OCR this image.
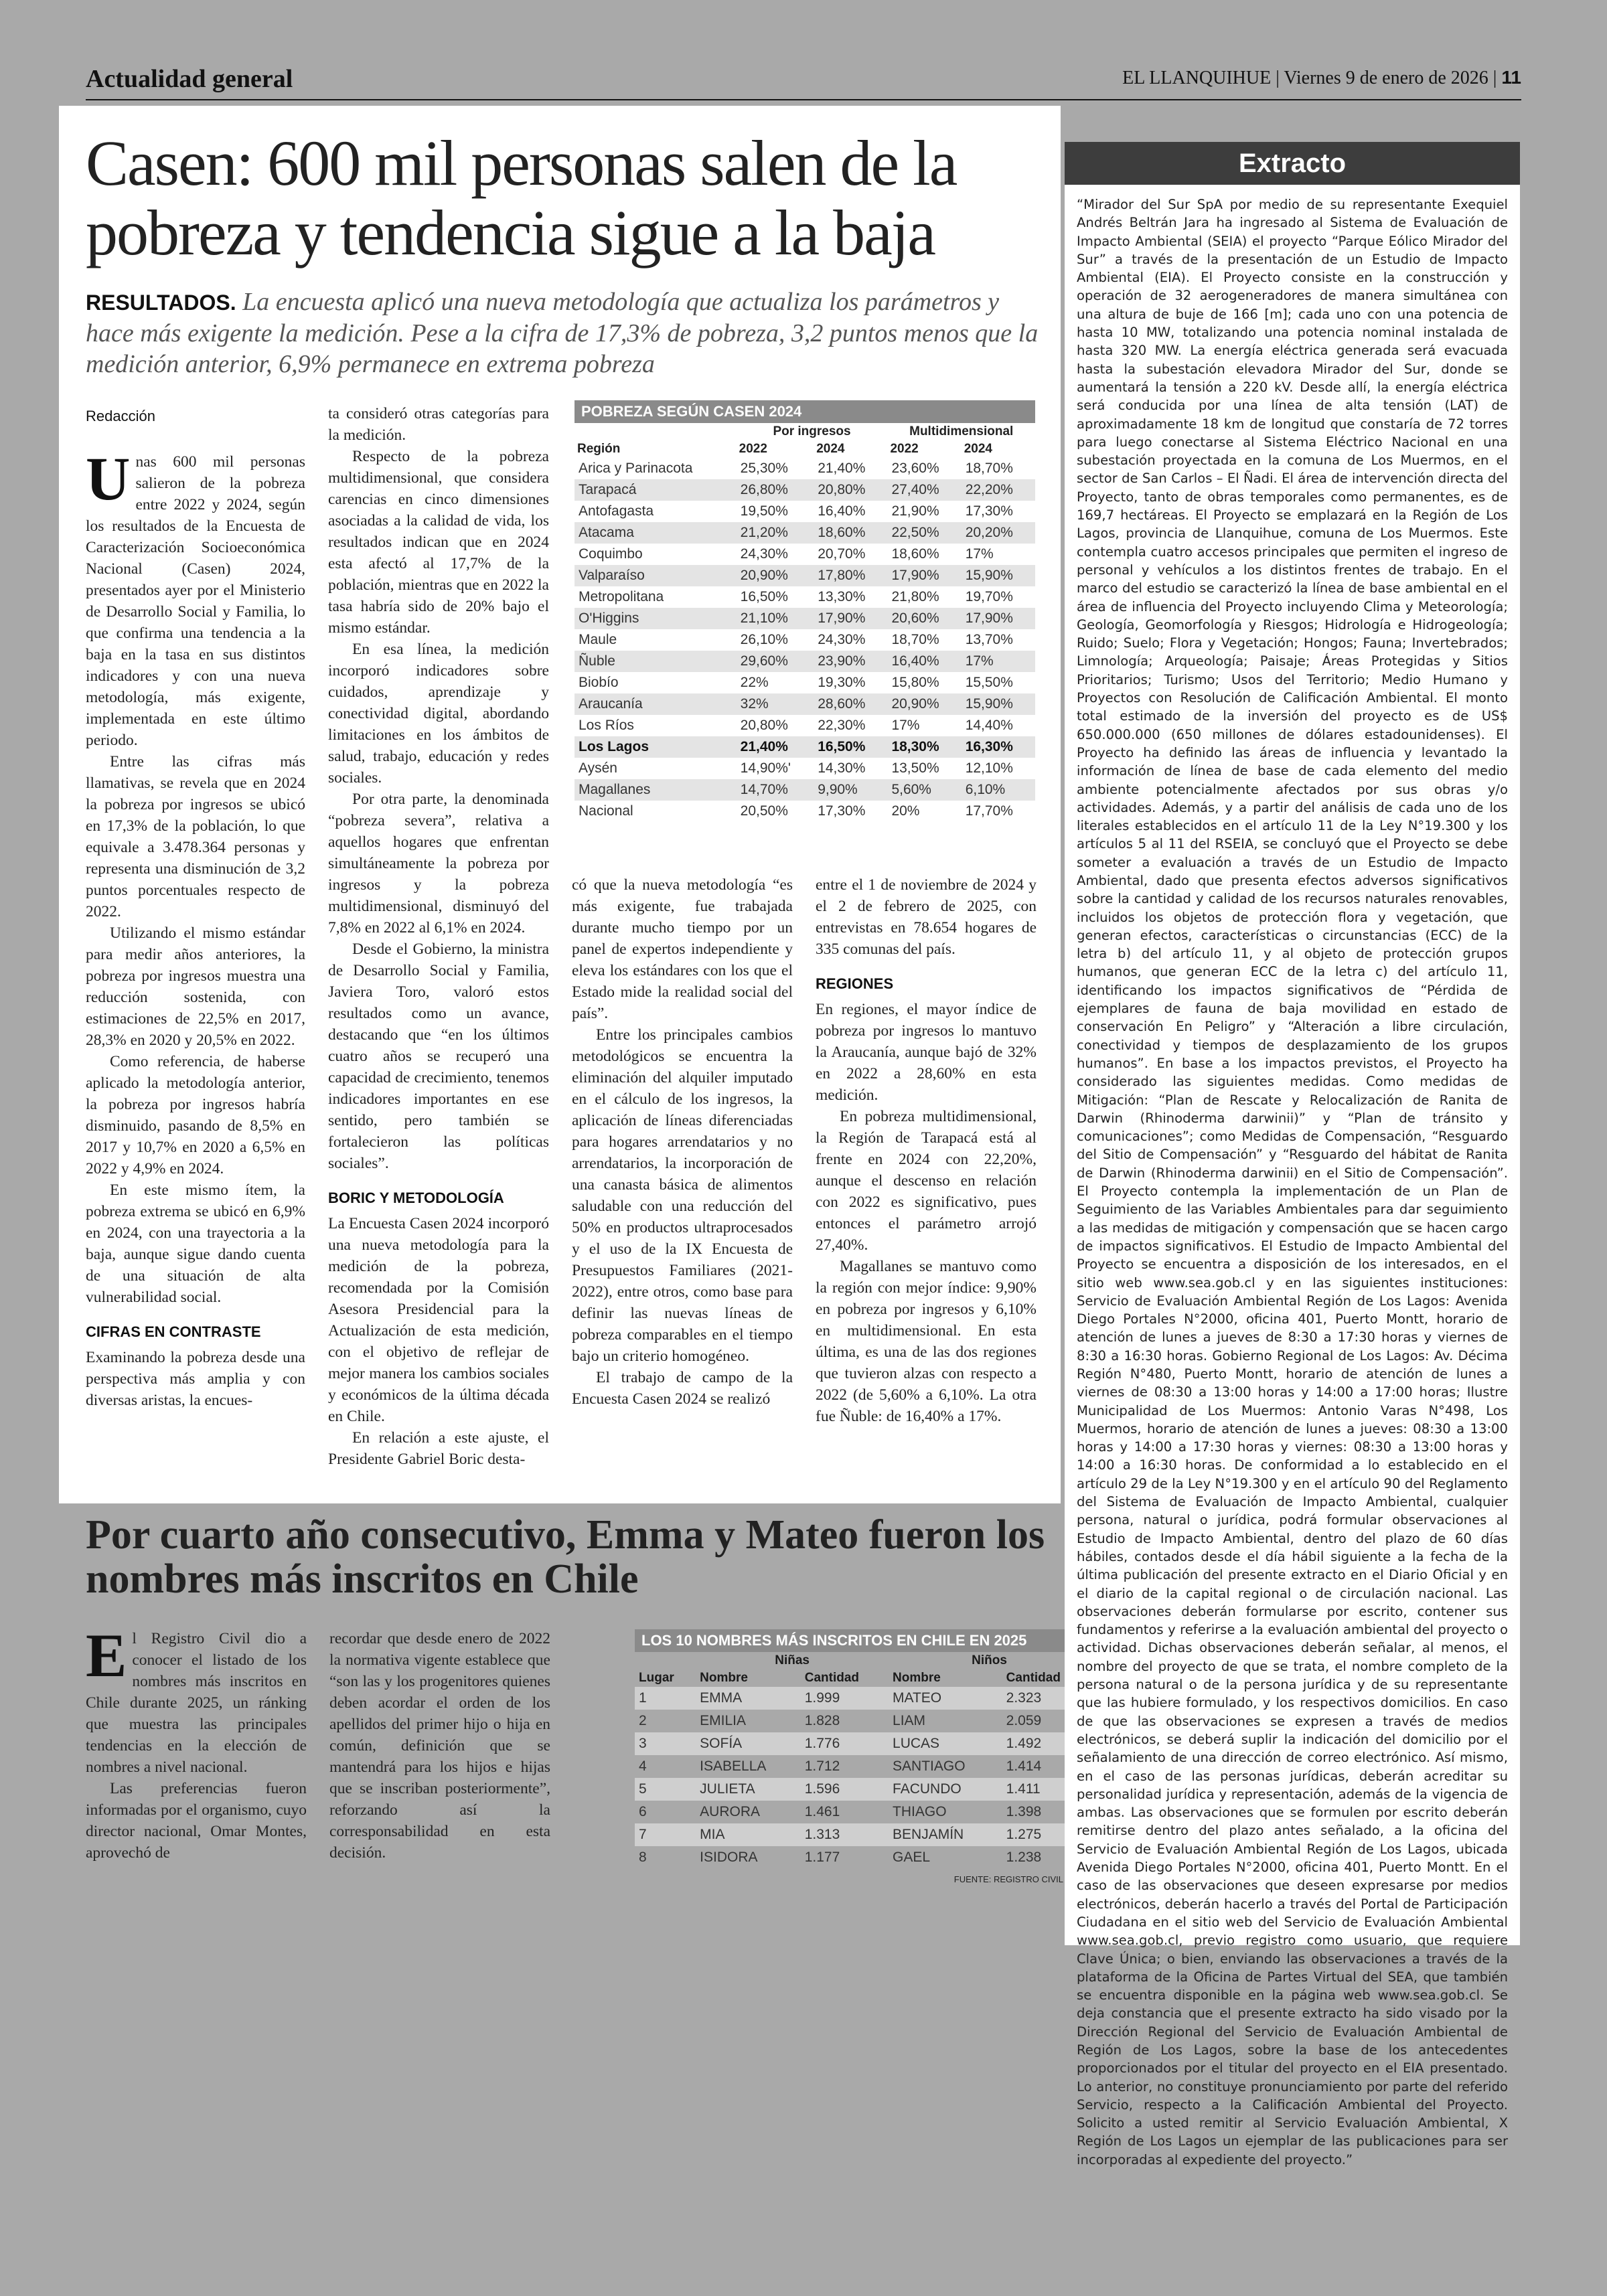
Actualidad general	EL LLANQUIHUE | Viernes 9 de enero de 2026 | 11
Casen: 600 mil personas salen de la pobreza y tendencia sigue a la baja
RESULTADOS. La encuesta aplicó una nueva metodología que actualiza los parámetros y hace más exigente la medición. Pese a la cifra de 17,3% de pobreza, 3,2 puntos menos que la medición anterior, 6,9% permanece en extrema pobreza
Redacción

Unas 600 mil personas salieron de la pobreza entre 2022 y 2024, según los resultados de la Encuesta de Caracterización Socioeconómica Nacional (Casen) 2024, presentados ayer por el Ministerio de Desarrollo Social y Familia, lo que confirma una tendencia a la baja en la tasa en sus distintos indicadores y con una nueva metodología, más exigente, implementada en este último periodo.

Entre las cifras más llamativas, se revela que en 2024 la pobreza por ingresos se ubicó en 17,3% de la población, lo que equivale a 3.478.364 personas y representa una disminución de 3,2 puntos porcentuales respecto de 2022.

Utilizando el mismo estándar para medir años anteriores, la pobreza por ingresos muestra una reducción sostenida, con estimaciones de 22,5% en 2017, 28,3% en 2020 y 20,5% en 2022.

Como referencia, de haberse aplicado la metodología anterior, la pobreza por ingresos habría disminuido, pasando de 8,5% en 2017 y 10,7% en 2020 a 6,5% en 2022 y 4,9% en 2024.

En este mismo ítem, la pobreza extrema se ubicó en 6,9% en 2024, con una trayectoria a la baja, aunque sigue dando cuenta de una situación de alta vulnerabilidad social.

CIFRAS EN CONTRASTE

Examinando la pobreza desde una perspectiva más amplia y con diversas aristas, la encues-

ta consideró otras categorías para la medición.

Respecto de la pobreza multidimensional, que considera carencias en cinco dimensiones asociadas a la calidad de vida, los resultados indican que en 2024 esta afectó al 17,7% de la población, mientras que en 2022 la tasa habría sido de 20% bajo el mismo estándar.

En esa línea, la medición incorporó indicadores sobre cuidados, aprendizaje y conectividad digital, abordando limitaciones en los ámbitos de salud, trabajo, educación y redes sociales.

Por otra parte, la denominada “pobreza severa”, relativa a aquellos hogares que enfrentan simultáneamente la pobreza por ingresos y la pobreza multidimensional, disminuyó del 7,8% en 2022 al 6,1% en 2024.

Desde el Gobierno, la ministra de Desarrollo Social y Familia, Javiera Toro, valoró estos resultados como un avance, destacando que “en los últimos cuatro años se recuperó una capacidad de crecimiento, tenemos indicadores importantes en ese sentido, pero también se fortalecieron las políticas sociales”.

BORIC Y METODOLOGÍA

La Encuesta Casen 2024 incorporó una nueva metodología para la medición de la pobreza, recomendada por la Comisión Asesora Presidencial para la Actualización de esta medición, con el objetivo de reflejar de mejor manera los cambios sociales y económicos de la última década en Chile.

En relación a este ajuste, el Presidente Gabriel Boric desta-

có que la nueva metodología “es más exigente, fue trabajada durante mucho tiempo por un panel de expertos independiente y eleva los estándares con los que el Estado mide la realidad social del país”.

Entre los principales cambios metodológicos se encuentra la eliminación del alquiler imputado en el cálculo de los ingresos, la aplicación de líneas diferenciadas para hogares arrendatarios y no arrendatarios, la incorporación de una canasta básica de alimentos saludable con una reducción del 50% en productos ultraprocesados y el uso de la IX Encuesta de Presupuestos Familiares (2021-2022), entre otros, como base para definir las nuevas líneas de pobreza comparables en el tiempo bajo un criterio homogéneo.

El trabajo de campo de la Encuesta Casen 2024 se realizó

entre el 1 de noviembre de 2024 y el 2 de febrero de 2025, con entrevistas en 78.654 hogares de 335 comunas del país.

REGIONES

En regiones, el mayor índice de pobreza por ingresos lo mantuvo la Araucanía, aunque bajó de 32% en 2022 a 28,60% en esta medición.

En pobreza multidimensional, la Región de Tarapacá está al frente en 2024 con 22,20%, aunque el descenso en relación con 2022 es significativo, pues entonces el parámetro arrojó 27,40%.

Magallanes se mantuvo como la región con mejor índice: 9,90% en pobreza por ingresos y 6,10% en multidimensional. En esta última, es una de las dos regiones que tuvieron alzas con respecto a 2022 (de 5,60% a 6,10%. La otra fue Ñuble: de 16,40% a 17%.

POBREZA SEGÚN CASEN 2024
	Por ingresos		Multidimensional	
Región	2022	2024	2022	2024
Arica y Parinacota	25,30%	21,40%	23,60%	18,70%
Tarapacá	26,80%	20,80%	27,40%	22,20%
Antofagasta	19,50%	16,40%	21,90%	17,30%
Atacama	21,20%	18,60%	22,50%	20,20%
Coquimbo	24,30%	20,70%	18,60%	17%
Valparaíso	20,90%	17,80%	17,90%	15,90%
Metropolitana	16,50%	13,30%	21,80%	19,70%
O'Higgins	21,10%	17,90%	20,60%	17,90%
Maule	26,10%	24,30%	18,70%	13,70%
Ñuble	29,60%	23,90%	16,40%	17%
Biobío	22%	19,30%	15,80%	15,50%
Araucanía	32%	28,60%	20,90%	15,90%
Los Ríos	20,80%	22,30%	17%	14,40%
Los Lagos	21,40%	16,50%	18,30%	16,30%
Aysén	14,90%'	14,30%	13,50%	12,10%
Magallanes	14,70%	9,90%	5,60%	6,10%
Nacional	20,50%	17,30%	20%	17,70%
Por cuarto año consecutivo, Emma y Mateo fueron los nombres más inscritos en Chile

El Registro Civil dio a conocer el listado de los nombres más inscritos en Chile durante 2025, un ránking que muestra las principales tendencias en la elección de nombres a nivel nacional.

Las preferencias fueron informadas por el organismo, cuyo director nacional, Omar Montes, aprovechó de

recordar que desde enero de 2022 la normativa vigente establece que “son las y los progenitores quienes deben acordar el orden de los apellidos del primer hijo o hija en común, definición que se mantendrá para los hijos e hijas que se inscriban posteriormente”, reforzando así la corresponsabilidad en esta decisión.

LOS 10 NOMBRES MÁS INSCRITOS EN CHILE EN 2025
	Niñas		Niños	
Lugar	Nombre	Cantidad	Nombre	Cantidad
1	EMMA	1.999	MATEO	2.323
2	EMILIA	1.828	LIAM	2.059
3	SOFÍA	1.776	LUCAS	1.492
4	ISABELLA	1.712	SANTIAGO	1.414
5	JULIETA	1.596	FACUNDO	1.411
6	AURORA	1.461	THIAGO	1.398
7	MIA	1.313	BENJAMÍN	1.275
8	ISIDORA	1.177	GAEL	1.238
FUENTE: REGISTRO CIVIL
Extracto
“Mirador del Sur SpA por medio de su representante Exequiel Andrés Beltrán Jara ha ingresado al Sistema de Evaluación de Impacto Ambiental (SEIA) el proyecto “Parque Eólico Mirador del Sur” a través de la presentación de un Estudio de Impacto Ambiental (EIA). El Proyecto consiste en la construcción y operación de 32 aerogeneradores de manera simultánea con una altura de buje de 166 [m]; cada uno con una potencia de hasta 10 MW, totalizando una potencia nominal instalada de hasta 320 MW. La energía eléctrica generada será evacuada hasta la subestación elevadora Mirador del Sur, donde se aumentará la tensión a 220 kV. Desde allí, la energía eléctrica será conducida por una línea de alta tensión (LAT) de aproximadamente 18 km de longitud que constaría de 72 torres para luego conectarse al Sistema Eléctrico Nacional en una subestación proyectada en la comuna de Los Muermos, en el sector de San Carlos – El Ñadi. El área de intervención directa del Proyecto, tanto de obras temporales como permanentes, es de 169,7 hectáreas. El Proyecto se emplazará en la Región de Los Lagos, provincia de Llanquihue, comuna de Los Muermos. Este contempla cuatro accesos principales que permiten el ingreso de personal y vehículos a los distintos frentes de trabajo. En el marco del estudio se caracterizó la línea de base ambiental en el área de influencia del Proyecto incluyendo Clima y Meteorología; Geología, Geomorfología y Riesgos; Hidrología e Hidrogeología; Ruido; Suelo; Flora y Vegetación; Hongos; Fauna; Invertebrados; Limnología; Arqueología; Paisaje; Áreas Protegidas y Sitios Prioritarios; Turismo; Usos del Territorio; Medio Humano y Proyectos con Resolución de Calificación Ambiental. El monto total estimado de la inversión del proyecto es de US$ 650.000.000 (650 millones de dólares estadounidenses). El Proyecto ha definido las áreas de influencia y levantado la información de línea de base de cada elemento del medio ambiente potencialmente afectados por sus obras y/o actividades. Además, y a partir del análisis de cada uno de los literales establecidos en el artículo 11 de la Ley N°19.300 y los artículos 5 al 11 del RSEIA, se concluyó que el Proyecto se debe someter a evaluación a través de un Estudio de Impacto Ambiental, dado que presenta efectos adversos significativos sobre la cantidad y calidad de los recursos naturales renovables, incluidos los objetos de protección flora y vegetación, que generan efectos, características o circunstancias (ECC) de la letra b) del artículo 11, y al objeto de protección grupos humanos, que generan ECC de la letra c) del artículo 11, identificando los impactos significativos de “Pérdida de ejemplares de fauna de baja movilidad en estado de conservación En Peligro” y “Alteración a libre circulación, conectividad y tiempos de desplazamiento de los grupos humanos”. En base a los impactos previstos, el Proyecto ha considerado las siguientes medidas. Como medidas de Mitigación: “Plan de Rescate y Relocalización de Ranita de Darwin (Rhinoderma darwinii)” y “Plan de tránsito y comunicaciones”; como Medidas de Compensación, “Resguardo del Sitio de Compensación” y “Resguardo del hábitat de Ranita de Darwin (Rhinoderma darwinii) en el Sitio de Compensación”. El Proyecto contempla la implementación de un Plan de Seguimiento de las Variables Ambientales para dar seguimiento a las medidas de mitigación y compensación que se hacen cargo de impactos significativos. El Estudio de Impacto Ambiental del Proyecto se encuentra a disposición de los interesados, en el sitio web www.sea.gob.cl y en las siguientes instituciones: Servicio de Evaluación Ambiental Región de Los Lagos: Avenida Diego Portales N°2000, oficina 401, Puerto Montt, horario de atención de lunes a jueves de 8:30 a 17:30 horas y viernes de 8:30 a 16:30 horas. Gobierno Regional de Los Lagos: Av. Décima Región N°480, Puerto Montt, horario de atención de lunes a viernes de 08:30 a 13:00 horas y 14:00 a 17:00 horas; Ilustre Municipalidad de Los Muermos: Antonio Varas N°498, Los Muermos, horario de atención de lunes a jueves: 08:30 a 13:00 horas y 14:00 a 17:30 horas y viernes: 08:30 a 13:00 horas y 14:00 a 16:30 horas. De conformidad a lo establecido en el artículo 29 de la Ley N°19.300 y en el artículo 90 del Reglamento del Sistema de Evaluación de Impacto Ambiental, cualquier persona, natural o jurídica, podrá formular observaciones al Estudio de Impacto Ambiental, dentro del plazo de 60 días hábiles, contados desde el día hábil siguiente a la fecha de la última publicación del presente extracto en el Diario Oficial y en el diario de la capital regional o de circulación nacional. Las observaciones deberán formularse por escrito, contener sus fundamentos y referirse a la evaluación ambiental del proyecto o actividad. Dichas observaciones deberán señalar, al menos, el nombre del proyecto de que se trata, el nombre completo de la persona natural o de la persona jurídica y de su representante que las hubiere formulado, y los respectivos domicilios. En caso de que las observaciones se expresen a través de medios electrónicos, se deberá suplir la indicación del domicilio por el señalamiento de una dirección de correo electrónico. Así mismo, en el caso de las personas jurídicas, deberán acreditar su personalidad jurídica y representación, además de la vigencia de ambas. Las observaciones que se formulen por escrito deberán remitirse dentro del plazo antes señalado, a la oficina del Servicio de Evaluación Ambiental Región de Los Lagos, ubicada Avenida Diego Portales N°2000, oficina 401, Puerto Montt. En el caso de las observaciones que deseen expresarse por medios electrónicos, deberán hacerlo a través del Portal de Participación Ciudadana en el sitio web del Servicio de Evaluación Ambiental www.sea.gob.cl, previo registro como usuario, que requiere Clave Única; o bien, enviando las observaciones a través de la plataforma de la Oficina de Partes Virtual del SEA, que también se encuentra disponible en la página web www.sea.gob.cl. Se deja constancia que el presente extracto ha sido visado por la Dirección Regional del Servicio de Evaluación Ambiental de Región de Los Lagos, sobre la base de los antecedentes proporcionados por el titular del proyecto en el EIA presentado. Lo anterior, no constituye pronunciamiento por parte del referido Servicio, respecto a la Calificación Ambiental del Proyecto. Solicito a usted remitir al Servicio Evaluación Ambiental, X Región de Los Lagos un ejemplar de las publicaciones para ser incorporadas al expediente del proyecto.”
